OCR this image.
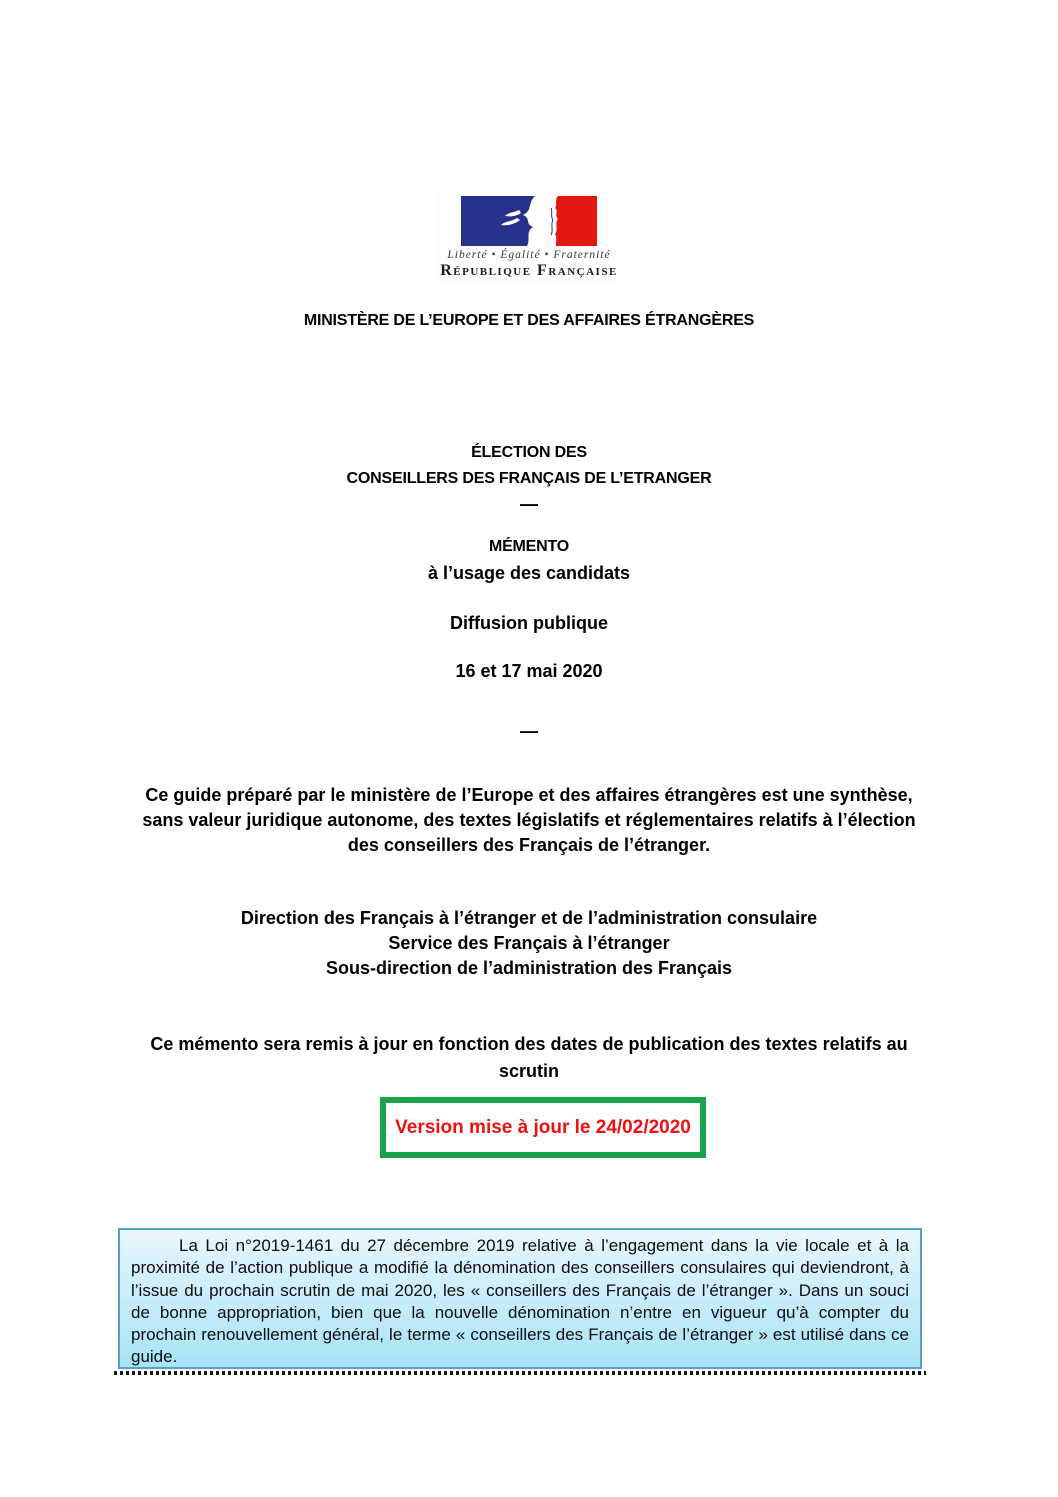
Liberté • Égalité • Fraternité
République Française
MINISTÈRE DE L’EUROPE ET DES AFFAIRES ÉTRANGÈRES
ÉLECTION DES
CONSEILLERS DES FRANÇAIS DE L’ETRANGER
—
MÉMENTO
à l’usage des candidats
Diffusion publique
16 et 17 mai 2020
—
Ce guide préparé par le ministère de l’Europe et des affaires étrangères est une synthèse, sans valeur juridique autonome, des textes législatifs et réglementaires relatifs à l’élection des conseillers des Français de l’étranger.
Direction des Français à l’étranger et de l’administration consulaire
Service des Français à l’étranger
Sous-direction de l’administration des Français
Ce mémento sera remis à jour en fonction des dates de publication des textes relatifs au scrutin
Version mise à jour le 24/02/2020
La Loi n°2019-1461 du 27 décembre 2019 relative à l’engagement dans la vie locale et à la proximité de l’action publique a modifié la dénomination des conseillers consulaires qui deviendront, à l’issue du prochain scrutin de mai 2020, les « conseillers des Français de l’étranger ». Dans un souci de bonne appropriation, bien que la nouvelle dénomination n’entre en vigueur qu’à compter du prochain renouvellement général, le terme « conseillers des Français de l’étranger » est utilisé dans ce guide.
